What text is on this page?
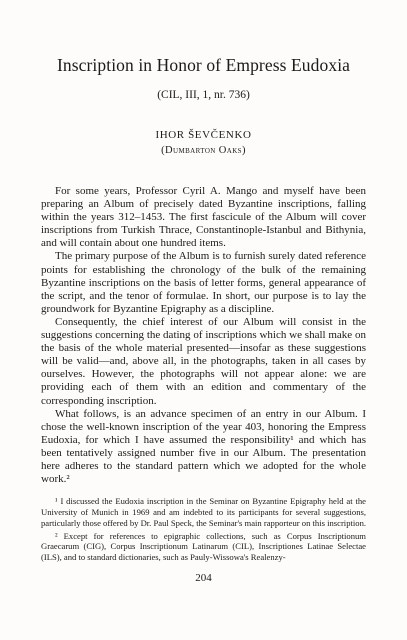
Inscription in Honor of Empress Eudoxia
(CIL, III, 1, nr. 736)
IHOR ŠEVČENKO
(Dumbarton Oaks)

For some years, Professor Cyril A. Mango and myself have been preparing an Album of precisely dated Byzantine inscriptions, falling within the years 312–1453. The first fascicule of the Album will cover inscriptions from Turkish Thrace, Constantinople-Istanbul and Bithynia, and will contain about one hundred items.

The primary purpose of the Album is to furnish surely dated reference points for establishing the chronology of the bulk of the remaining Byzantine inscriptions on the basis of letter forms, general appearance of the script, and the tenor of formulae. In short, our purpose is to lay the groundwork for Byzantine Epigraphy as a discipline.

Consequently, the chief interest of our Album will consist in the suggestions concerning the dating of inscriptions which we shall make on the basis of the whole material presented—insofar as these suggestions will be valid—and, above all, in the photographs, taken in all cases by ourselves. However, the photographs will not appear alone: we are providing each of them with an edition and commentary of the corresponding inscription.

What follows, is an advance specimen of an entry in our Album. I chose the well-known inscription of the year 403, honoring the Empress Eudoxia, for which I have assumed the responsibility¹ and which has been tentatively assigned number five in our Album. The presentation here adheres to the standard pattern which we adopted for the whole work.²

¹ I discussed the Eudoxia inscription in the Seminar on Byzantine Epigraphy held at the University of Munich in 1969 and am indebted to its participants for several suggestions, particularly those offered by Dr. Paul Speck, the Seminar's main rapporteur on this inscription.

² Except for references to epigraphic collections, such as Corpus Inscriptionum Graecarum (CIG), Corpus Inscriptionum Latinarum (CIL), Inscriptiones Latinae Selectae (ILS), and to standard dictionaries, such as Pauly-Wissowa's Realenzy-

204
